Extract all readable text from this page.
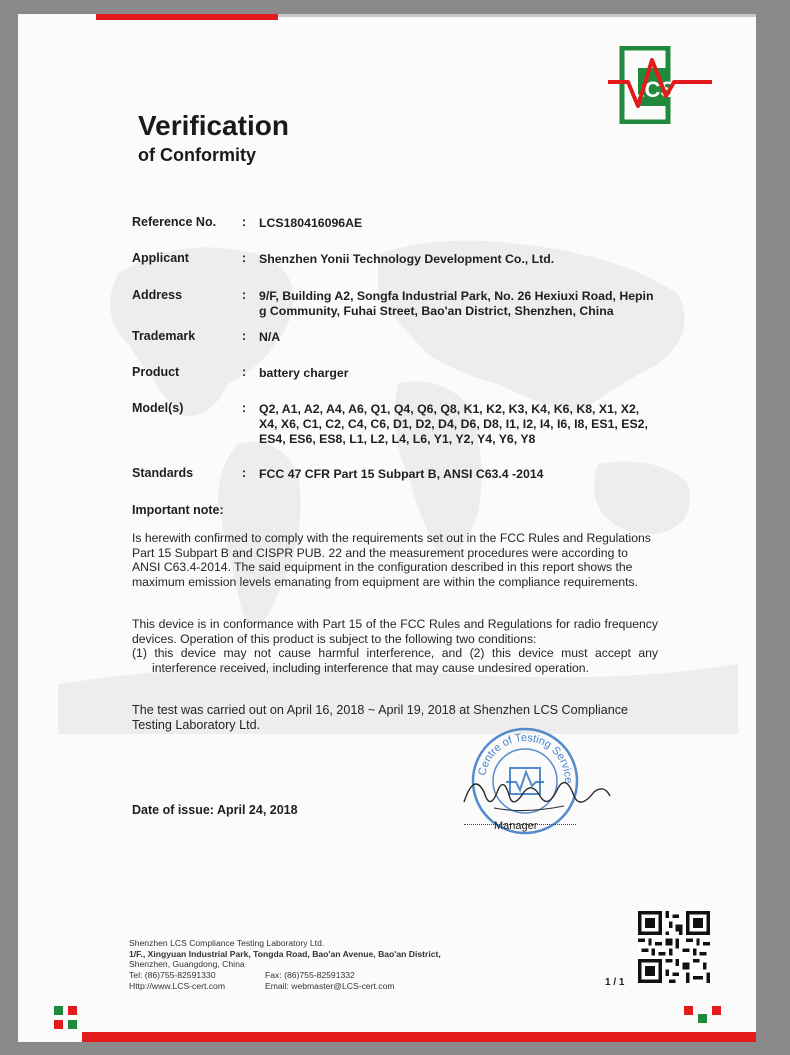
LCS
Verification
of Conformity
Reference No. : LCS180416096AE
Applicant	: Shenzhen Yonii Technology Development Co., Ltd.
Address	: 9/F, Building A2, Songfa Industrial Park, No. 26 Hexiuxi Road, Heping Community, Fuhai Street, Bao'an District, Shenzhen, China
Trademark	: N/A
Product	: battery charger
Model(s)	: Q2, A1, A2, A4, A6, Q1, Q4, Q6, Q8, K1, K2, K3, K4, K6, K8, X1, X2, X4, X6, C1, C2, C4, C6, D1, D2, D4, D6, D8, I1, I2, I4, I6, I8, ES1, ES2, ES4, ES6, ES8, L1, L2, L4, L6, Y1, Y2, Y4, Y6, Y8
Standards	: FCC 47 CFR Part 15 Subpart B, ANSI C63.4 -2014
Important note:
Is herewith confirmed to comply with the requirements set out in the FCC Rules and Regulations Part 15 Subpart B and CISPR PUB. 22 and the measurement procedures were according to ANSI C63.4-2014. The said equipment in the configuration described in this report shows the maximum emission levels emanating from equipment are within the compliance requirements.
This device is in conformance with Part 15 of the FCC Rules and Regulations for radio frequency devices. Operation of this product is subject to the following two conditions:
(1) this device may not cause harmful interference, and (2) this device must accept any interference received, including interference that may cause undesired operation.
The test was carried out on April 16, 2018 ~ April 19, 2018 at Shenzhen LCS Compliance Testing Laboratory Ltd.
Date of issue: April 24, 2018
Centre of Testing Service
Manager
Shenzhen LCS Compliance Testing Laboratory Ltd.
1/F., Xingyuan Industrial Park, Tongda Road, Bao'an Avenue, Bao'an District,
Shenzhen, Guangdong, China
Tel: (86)755-82591330	Fax: (86)755-82591332
Http://www.LCS-cert.com	Email: webmaster@LCS-cert.com	1 / 1
